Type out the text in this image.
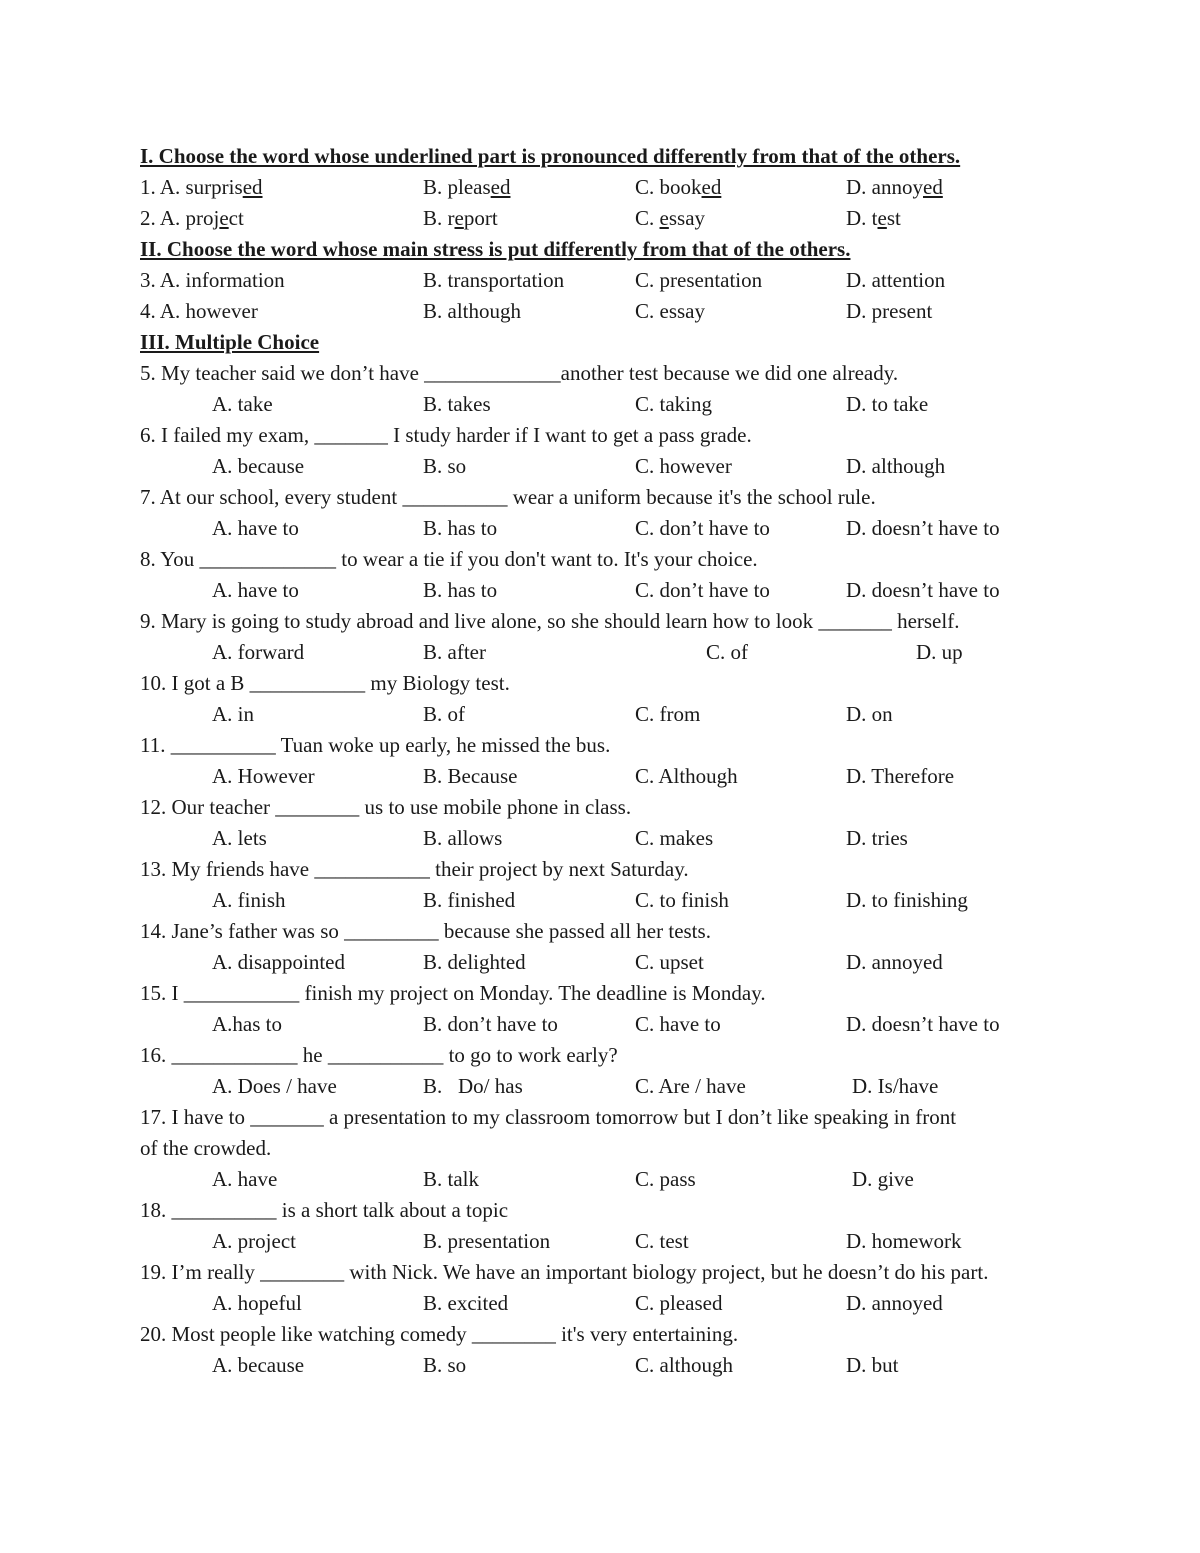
I. Choose the word whose underlined part is pronounced differently from that of the others.
1. A. surprised	B. pleased	C. booked	D. annoyed
2. A. project	B. report	C. essay	D. test
II. Choose the word whose main stress is put differently from that of the others.
3. A. information	B. transportation	C. presentation	D. attention
4. A. however	B. although	C. essay	D. present
III. Multiple Choice
5. My teacher said we don’t have _____________another test because we did one already.
A. take	B. takes	C. taking	D. to take
6. I failed my exam, _______ I study harder if I want to get a pass grade.
A. because	B. so	C. however	D. although
7. At our school, every student __________ wear a uniform because it's the school rule.
A. have to	B. has to	C. don’t have to	D. doesn’t have to
8. You _____________ to wear a tie if you don't want to. It's your choice.
A. have to	B. has to	C. don’t have to	D. doesn’t have to
9. Mary is going to study abroad and live alone, so she should learn how to look _______ herself.
A. forward	B. after	C. of	D. up
10. I got a B ___________ my Biology test.
A. in	B. of	C. from	D. on
11. __________ Tuan woke up early, he missed the bus.
A. However	B. Because	C. Although	D. Therefore
12. Our teacher ________ us to use mobile phone in class.
A. lets	B. allows	C. makes	D. tries
13. My friends have ___________ their project by next Saturday.
A. finish	B. finished	C. to finish	D. to finishing
14. Jane’s father was so _________ because she passed all her tests.
A. disappointed	B. delighted	C. upset	D. annoyed
15. I ___________ finish my project on Monday. The deadline is Monday.
A.has to	B. don’t have to	C. have to	D. doesn’t have to
16. ____________ he ___________ to go to work early?
A. Does / have	B.   Do/ has	C. Are / have	D. Is/have
17. I have to _______ a presentation to my classroom tomorrow but I don’t like speaking in front
of the crowded.
A. have	B. talk	C. pass	D. give
18. __________ is a short talk about a topic
A. project	B. presentation	C. test	D. homework
19. I’m really ________ with Nick. We have an important biology project, but he doesn’t do his part.
A. hopeful	B. excited	C. pleased	D. annoyed
20. Most people like watching comedy ________ it's very entertaining.
A. because	B. so	C. although	D. but
